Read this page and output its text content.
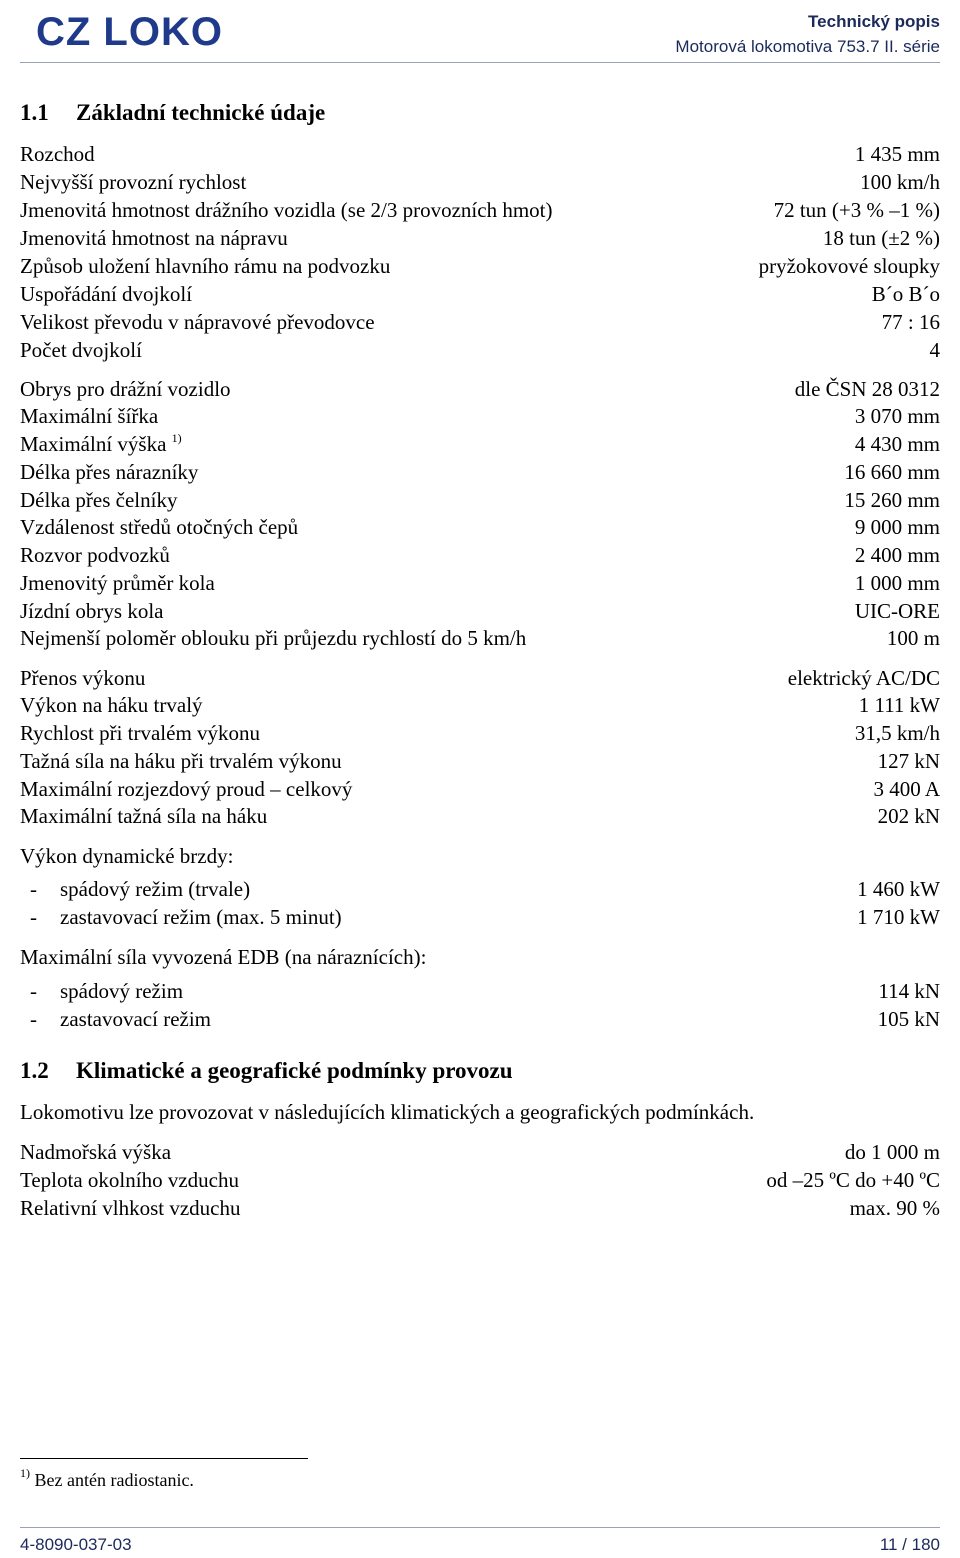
CZ LOKO	Technický popis
Motorová lokomotiva 753.7 II. série
1.1 Základní technické údaje
Rozchod	1 435 mm
Nejvyšší provozní rychlost	100 km/h
Jmenovitá hmotnost drážního vozidla (se 2/3 provozních hmot)	72 tun (+3 % –1 %)
Jmenovitá hmotnost na nápravu	18 tun (±2 %)
Způsob uložení hlavního rámu na podvozku	pryžokovové sloupky
Uspořádání dvojkolí	B´o B´o
Velikost převodu v nápravové převodovce	77 : 16
Počet dvojkolí	4
Obrys pro drážní vozidlo	dle ČSN 28 0312
Maximální šířka	3 070 mm
Maximální výška $^{1)}$	4 430 mm
Délka přes nárazníky	16 660 mm
Délka přes čelníky	15 260 mm
Vzdálenost středů otočných čepů	9 000 mm
Rozvor podvozků	2 400 mm
Jmenovitý průměr kola	1 000 mm
Jízdní obrys kola	UIC-ORE
Nejmenší poloměr oblouku při průjezdu rychlostí do 5 km/h	100 m
Přenos výkonu	elektrický AC/DC
Výkon na háku trvalý	1 111 kW
Rychlost při trvalém výkonu	31,5 km/h
Tažná síla na háku při trvalém výkonu	127 kN
Maximální rozjezdový proud – celkový	3 400 A
Maximální tažná síla na háku	202 kN
Výkon dynamické brzdy:
- spádový režim (trvale)	1 460 kW
- zastavovací režim (max. 5 minut)	1 710 kW
Maximální síla vyvozená EDB (na náraznících):
- spádový režim	114 kN
- zastavovací režim	105 kN
1.2 Klimatické a geografické podmínky provozu
Lokomotivu lze provozovat v následujících klimatických a geografických podmínkách.
Nadmořská výška	do 1 000 m
Teplota okolního vzduchu	od –25 ºC do +40 ºC
Relativní vlhkost vzduchu	max. 90 %
$^{1)}$ Bez antén radiostanic.
4-8090-037-03	11 / 180
